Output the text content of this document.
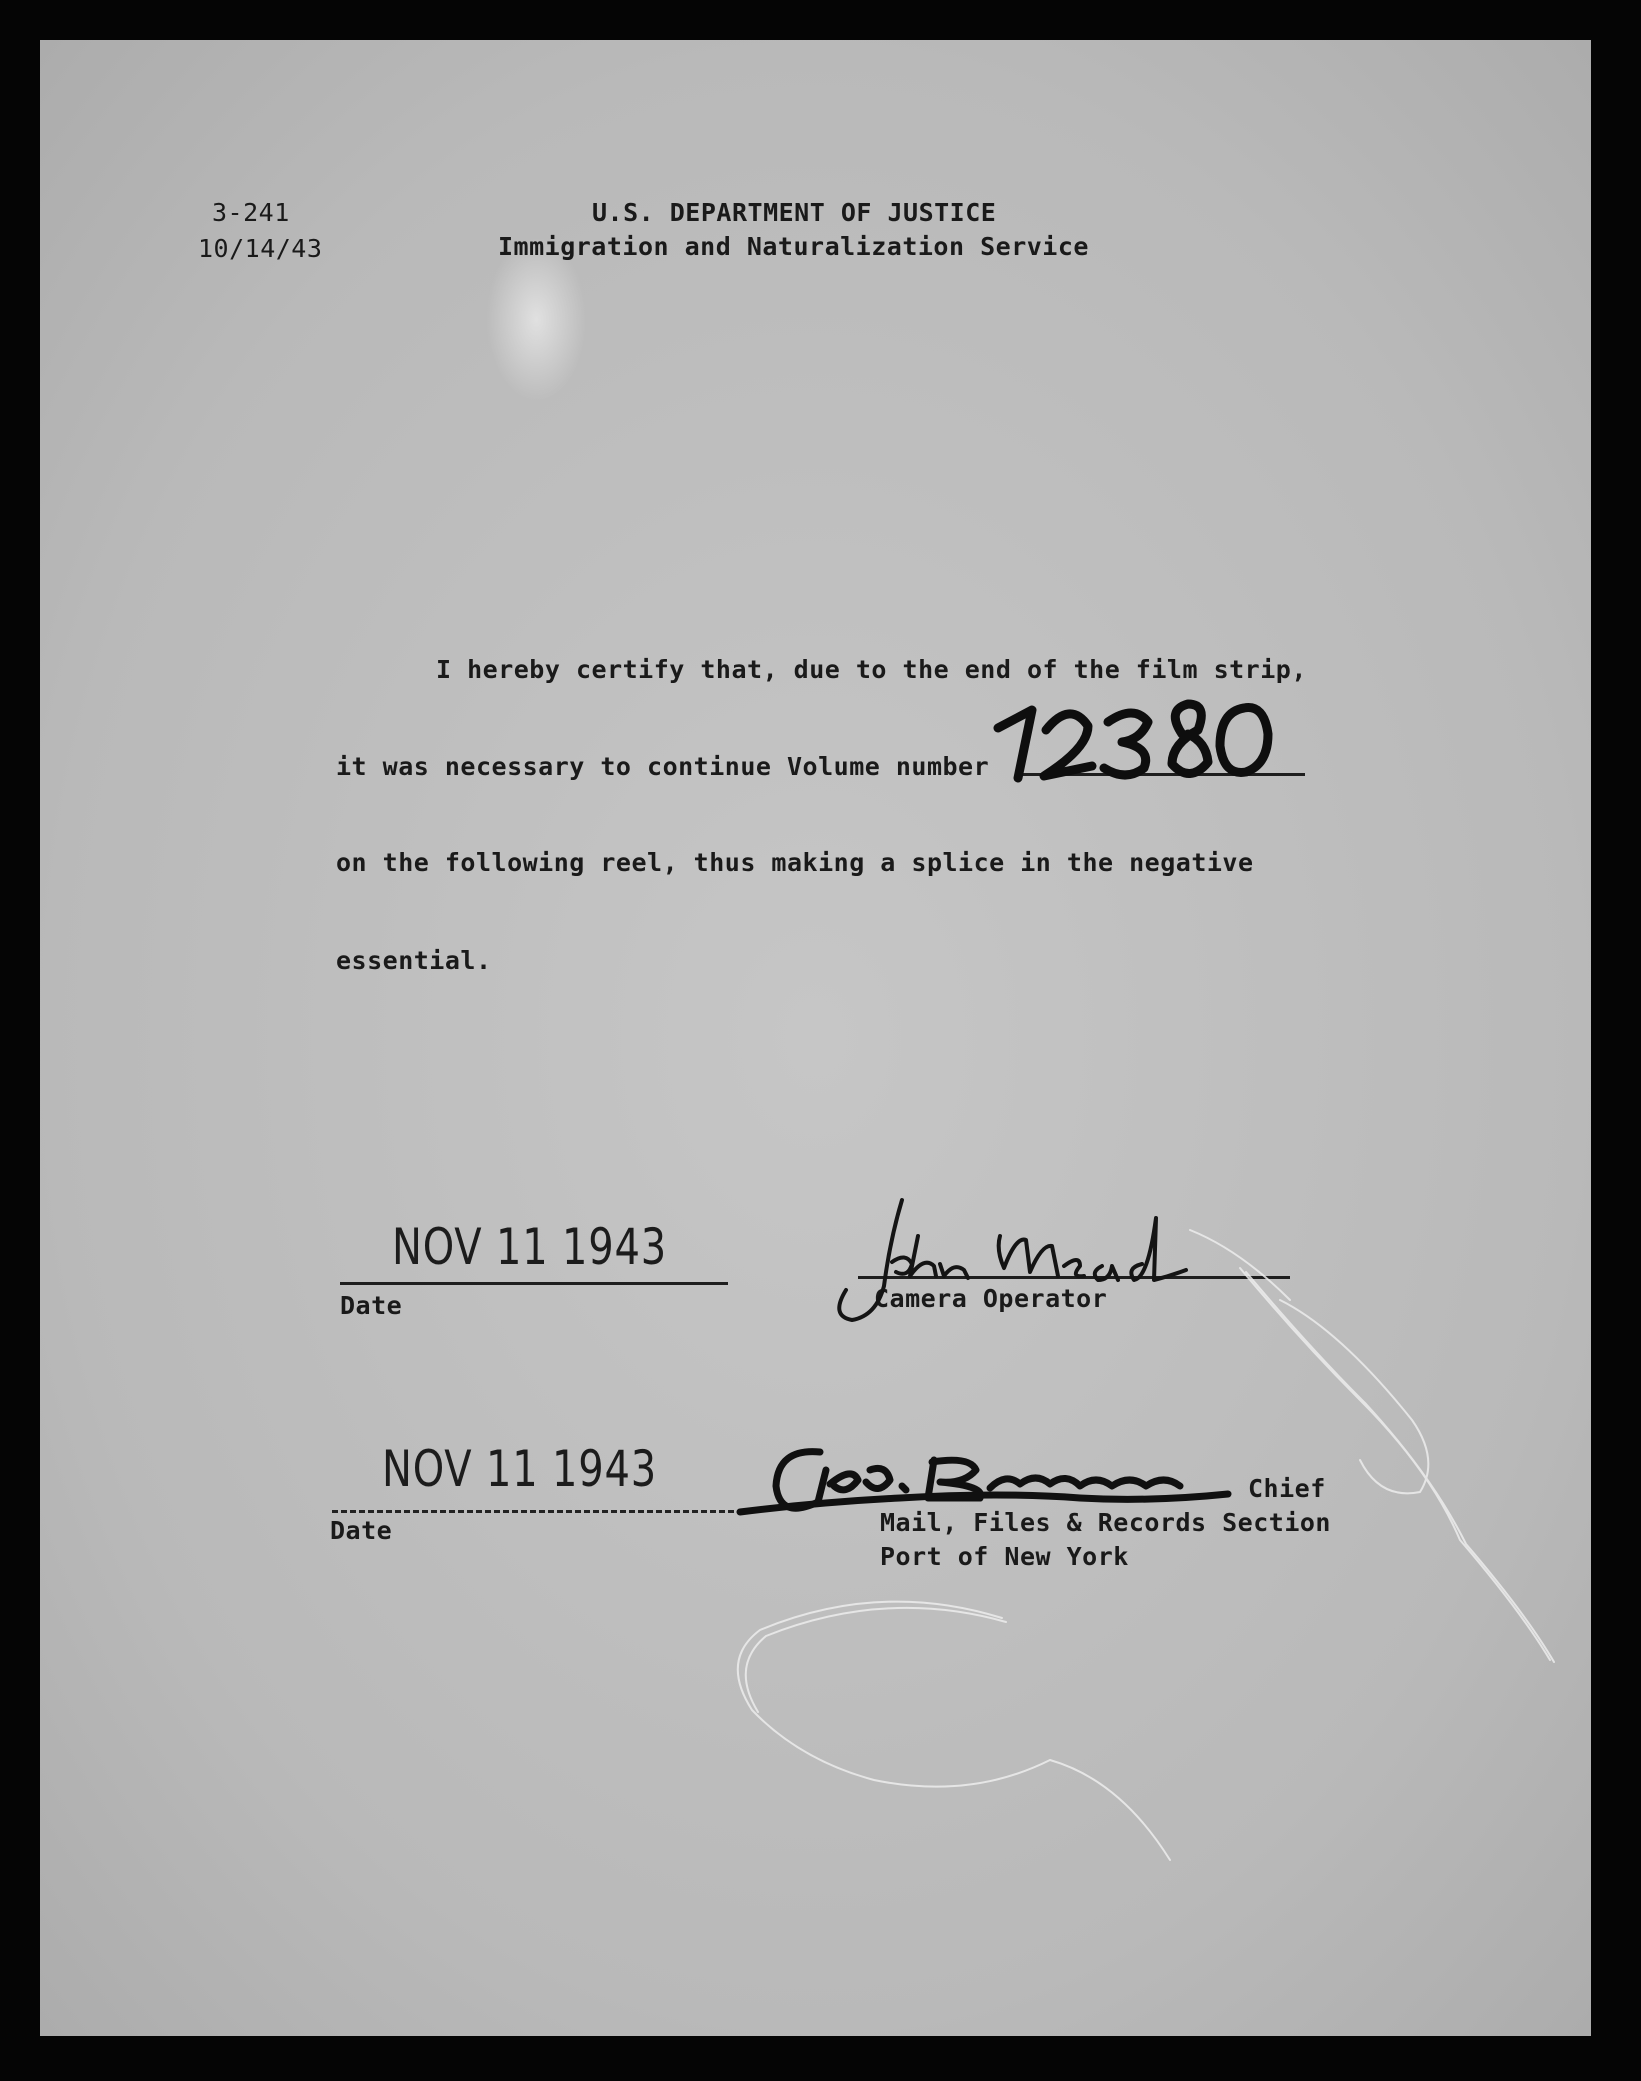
3-241
10/14/43
U.S. DEPARTMENT OF JUSTICE
Immigration and Naturalization Service
I hereby certify that, due to the end of the film strip,
it was necessary to continue Volume number
on the following reel, thus making a splice in the negative
essential.
NOV 11 1943
Date	Camera Operator
NOV 11 1943
Date
Chief
Mail, Files & Records Section
Port of New York
